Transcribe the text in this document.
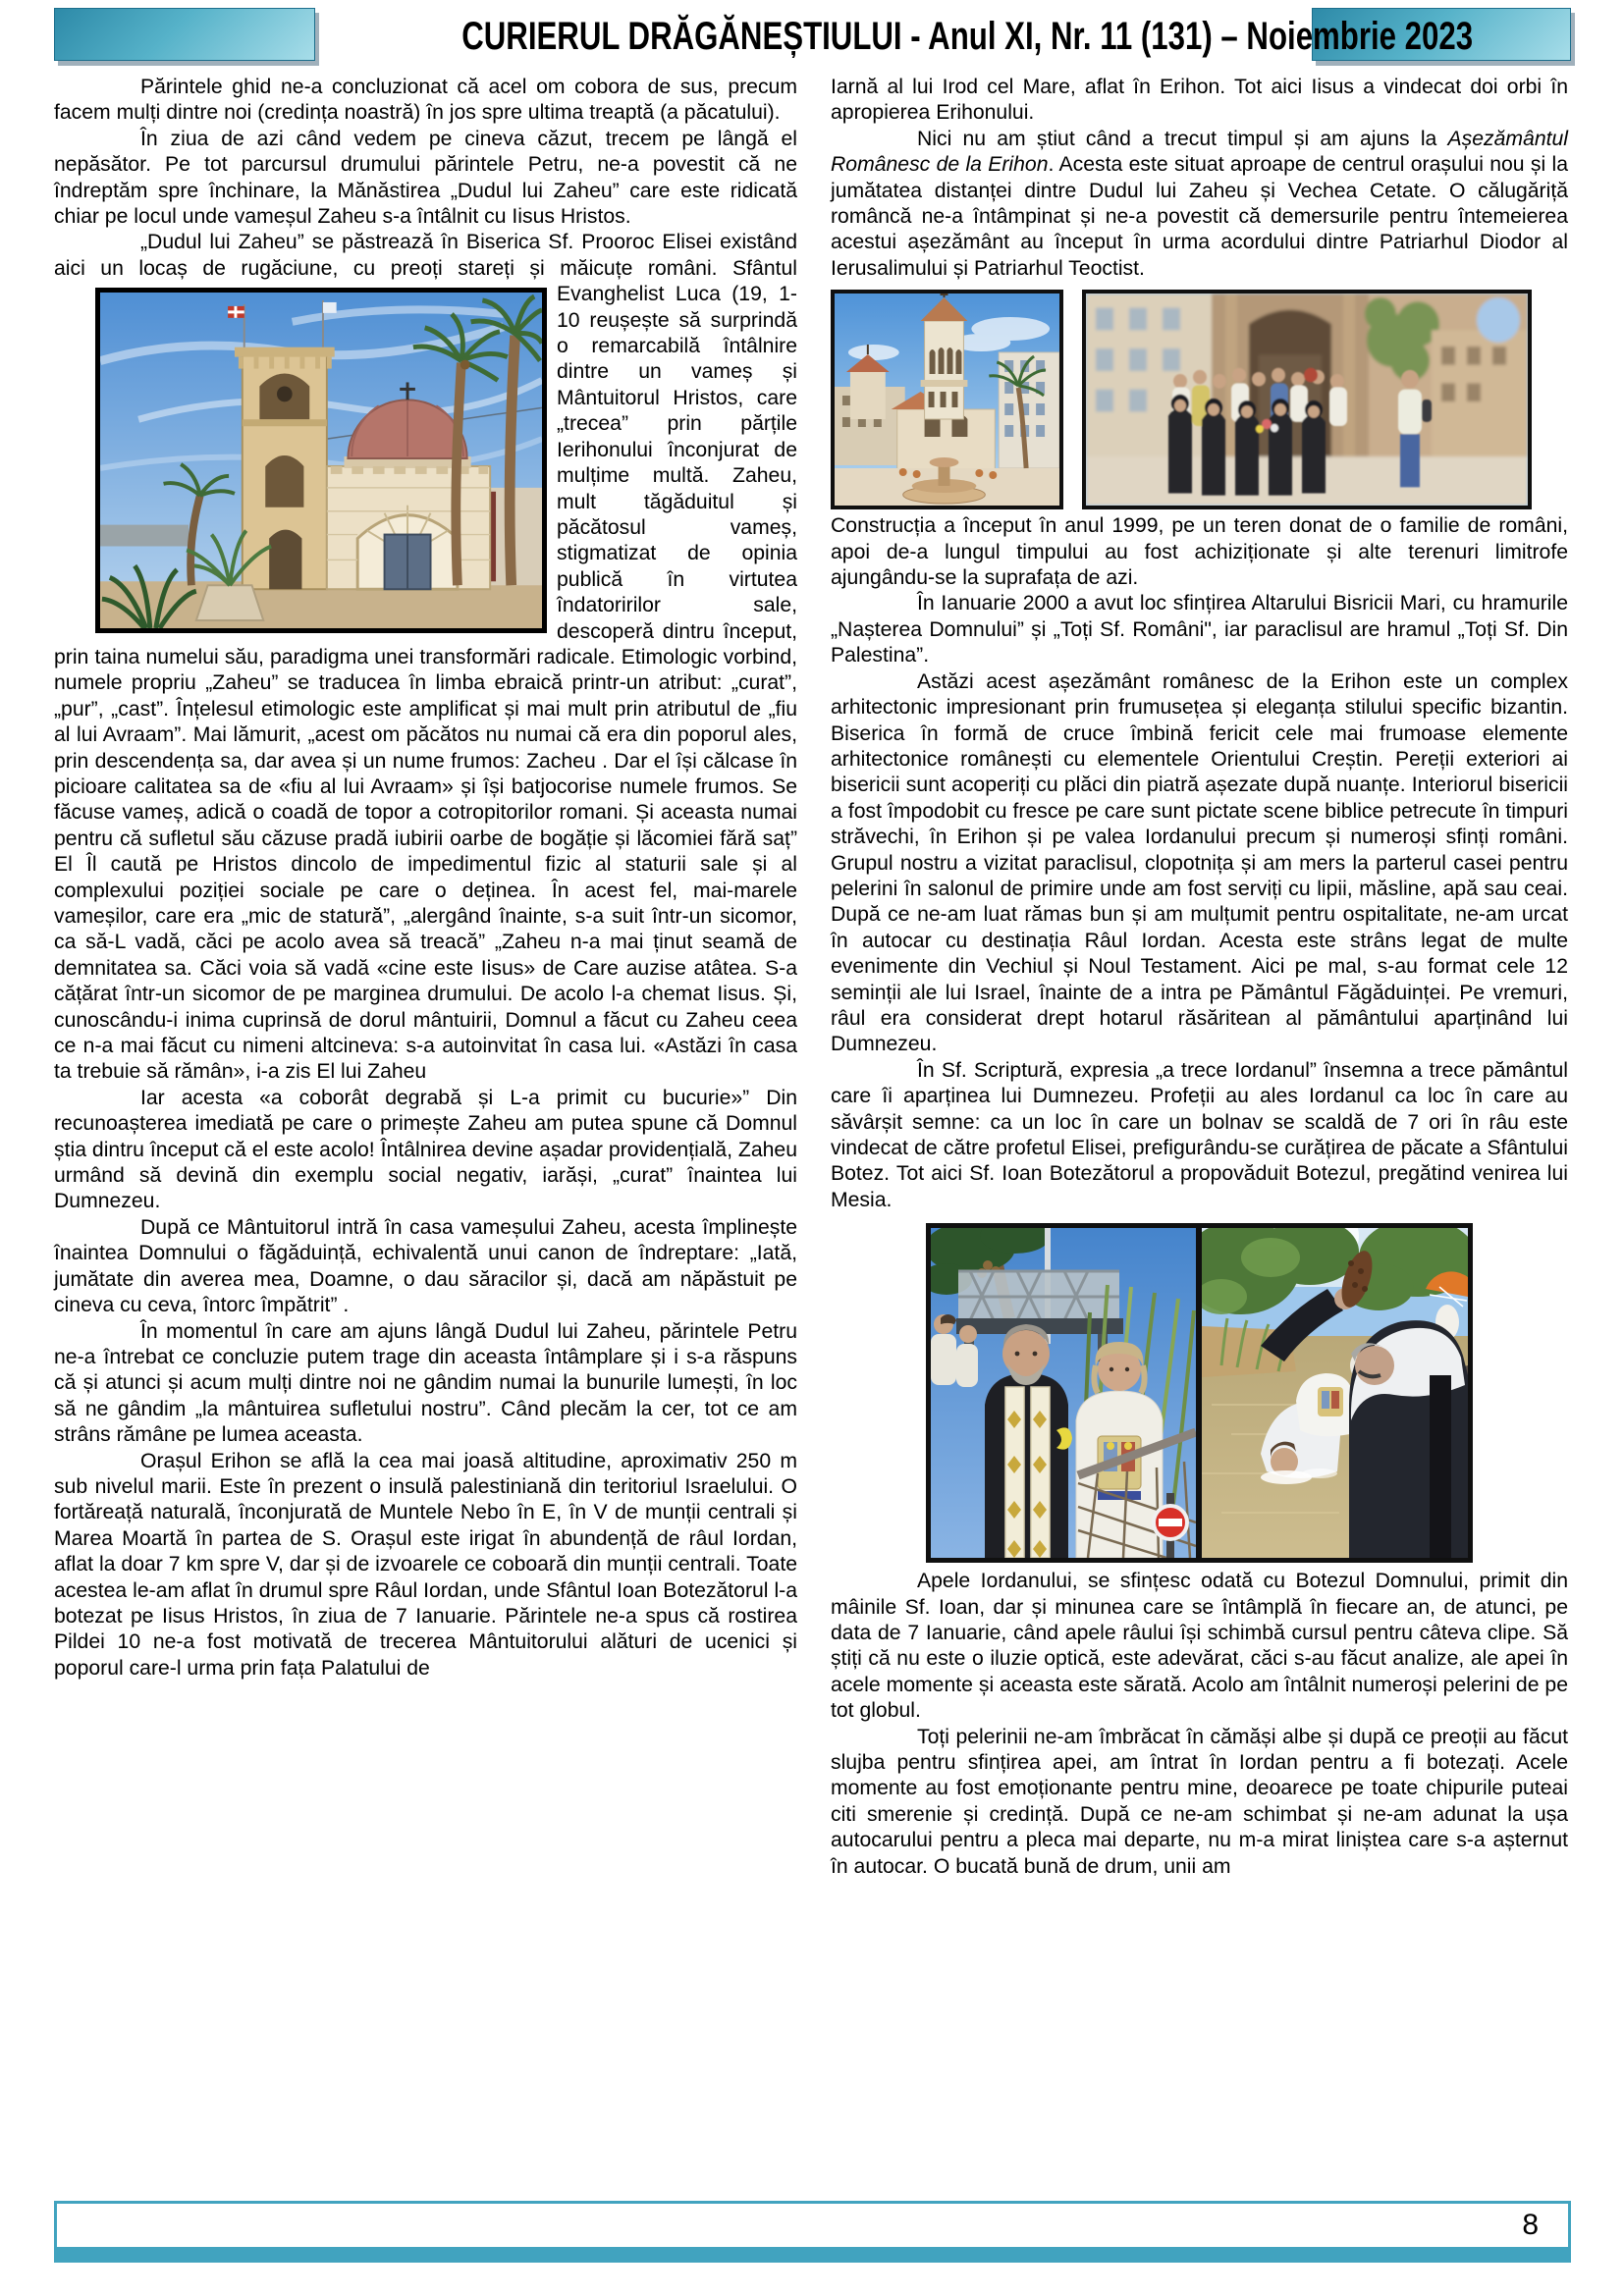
CURIERUL DRĂGĂNEȘTIULUI - Anul XI, Nr. 11 (131) – Noiembrie 2023

Părintele ghid ne-a concluzionat că acel om cobora de sus, precum facem mulți dintre noi (credința noastră) în jos spre ultima treaptă (a păcatului).

În ziua de azi când vedem pe cineva căzut, trecem pe lângă el nepăsător. Pe tot parcursul drumului părintele Petru, ne-a povestit că ne îndreptăm spre închinare, la Mănăstirea „Dudul lui Zaheu” care este ridicată chiar pe locul unde vameșul Zaheu s-a întâlnit cu Iisus Hristos.

„Dudul lui Zaheu” se păstrează în Biserica Sf. Prooroc Elisei existând aici un locaș de rugăciune, cu preoți stareți și
măicuțe români. Sfântul Evanghelist Luca (19, 1-10 reușește să surprindă o remarcabilă întâlnire dintre un vameș și Mântuitorul Hristos, care „trecea” prin părțile Ierihonului înconjurat de mulțime multă. Zaheu, mult tăgăduitul și păcătosul vameș, stigmatizat de opinia publică în virtutea îndatoririlor sale, descoperă dintru început, prin taina numelui său, paradigma unei transformări radicale. Etimologic vorbind, numele propriu „Zaheu” se traducea în limba ebraică printr-un atribut: „curat”, „pur”, „cast”. Înțelesul etimologic este amplificat și mai mult prin atributul de „fiu al lui Avraam”. Mai lămurit, „acest om păcătos nu numai că era din poporul ales, prin descendența sa, dar avea și un nume frumos: Zacheu . Dar el își călcase în picioare calitatea sa de «fiu al lui Avraam» și își batjocorise numele frumos. Se făcuse vameș, adică o coadă de topor a cotropitorilor romani. Și aceasta numai pentru că sufletul său căzuse pradă iubirii oarbe de bogăție și lăcomiei fără saț” El Îl caută pe Hristos dincolo de impedimentul fizic al staturii sale și al complexului poziției sociale pe care o deținea. În acest fel, mai-marele vameșilor, care era „mic de statură”, „alergând înainte, s-a suit într-un sicomor, ca să-L vadă, căci pe acolo avea să treacă” „Zaheu n-a mai ținut seamă de demnitatea sa. Căci voia să vadă «cine este Iisus» de Care auzise atâtea. S-a cățărat într-un sicomor de pe marginea drumului. De acolo l-a chemat Iisus. Și, cunoscându-i inima cuprinsă de dorul mântuirii, Domnul a făcut cu Zaheu ceea ce n-a mai făcut cu nimeni altcineva: s-a autoinvitat în casa lui. «Astăzi în casa ta trebuie să rămân», i-a zis El lui Zaheu

Iar acesta «a coborât degrabă și L-a primit cu bucurie»” Din recunoașterea imediată pe care o primește Zaheu am putea spune că Domnul știa dintru început că el este acolo! Întâlnirea devine așadar providențială, Zaheu urmând să devină din exemplu social negativ, iarăși, „curat” înaintea lui Dumnezeu.

După ce Mântuitorul intră în casa vameșului Zaheu, acesta împlinește înaintea Domnului o făgăduință, echivalentă unui canon de îndreptare: „Iată, jumătate din averea mea, Doamne, o dau săracilor și, dacă am năpăstuit pe cineva cu ceva, întorc împătrit” .

În momentul în care am ajuns lângă Dudul lui Zaheu, părintele Petru ne-a întrebat ce concluzie putem trage din aceasta întâmplare și i s-a răspuns că și atunci și acum mulți dintre noi ne gândim numai la bunurile lumești, în loc să ne gândim „la mântuirea sufletului nostru”. Când plecăm la cer, tot ce am strâns rămâne pe lumea aceasta.

Orașul Erihon se află la cea mai joasă altitudine, aproximativ 250 m sub nivelul marii. Este în prezent o insulă palestiniană din teritoriul Israelului. O fortăreață naturală, înconjurată de Muntele Nebo în E, în V de munții centrali și Marea Moartă în partea de S. Orașul este irigat în abundență de râul Iordan, aflat la doar 7 km spre V, dar și de izvoarele ce coboară din munții centrali. Toate acestea le-am aflat în drumul spre Râul Iordan, unde Sfântul Ioan Botezătorul l-a botezat pe Iisus Hristos, în ziua de 7 Ianuarie. Părintele ne-a spus că rostirea Pildei 10 ne-a fost motivată de trecerea Mântuitorului alături de ucenici și poporul care-l urma prin fața Palatului de

Iarnă al lui Irod cel Mare, aflat în Erihon. Tot aici Iisus a vindecat doi orbi în apropierea Erihonului.

Nici nu am știut când a trecut timpul și am ajuns la Așezământul Românesc de la Erihon. Acesta este situat aproape de centrul orașului nou și la jumătatea distanței dintre Dudul lui Zaheu și Vechea Cetate. O călugăriță româncă ne-a întâmpinat și ne-a povestit că demersurile pentru întemeierea acestui așezământ au început în urma acordului dintre Patriarhul Diodor al Ierusalimului și Patriarhul Teoctist.

Construcția a început în anul 1999, pe un teren donat de o familie de români, apoi de-a lungul timpului au fost achiziționate și alte terenuri limitrofe ajungându-se la suprafața de azi.

În Ianuarie 2000 a avut loc sfințirea Altarului Bisricii Mari, cu hramurile „Nașterea Domnului” și „Toți Sf. Români", iar paraclisul are hramul „Toți Sf. Din Palestina”.

Astăzi acest așezământ românesc de la Erihon este un complex arhitectonic impresionant prin frumusețea și eleganța stilului specific bizantin. Biserica în formă de cruce îmbină fericit cele mai frumoase elemente arhitectonice românești cu elementele Orientului Creștin. Pereții exteriori ai bisericii sunt acoperiți cu plăci din piatră așezate după nuanțe. Interiorul bisericii a fost împodobit cu fresce pe care sunt pictate scene biblice petrecute în timpuri străvechi, în Erihon și pe valea Iordanului precum și numeroși sfinți români. Grupul nostru a vizitat paraclisul, clopotnița și am mers la parterul casei pentru pelerini în salonul de primire unde am fost serviți cu lipii, măsline, apă sau ceai. După ce ne-am luat rămas bun și am mulțumit pentru ospitalitate, ne-am urcat în autocar cu destinația Râul Iordan. Acesta este strâns legat de multe evenimente din Vechiul și Noul Testament. Aici pe mal, s-au format cele 12 seminții ale lui Israel, înainte de a intra pe Pământul Făgăduinței. Pe vremuri, râul era considerat drept hotarul răsăritean al pământului aparținând lui Dumnezeu.

În Sf. Scriptură, expresia „a trece Iordanul” însemna a trece pământul care îi aparținea lui Dumnezeu. Profeții au ales Iordanul ca loc în care au săvârșit semne: ca un loc în care un bolnav se scaldă de 7 ori în râu este vindecat de către profetul Elisei, prefigurându-se curățirea de păcate a Sfântului Botez. Tot aici Sf. Ioan Botezătorul a propovăduit Botezul, pregătind venirea lui Mesia.

Apele Iordanului, se sfințesc odată cu Botezul Domnului, primit din mâinile Sf. Ioan, dar și minunea care se întâmplă în fiecare an, de atunci, pe data de 7 Ianuarie, când apele râului își schimbă cursul pentru câteva clipe. Să știți că nu este o iluzie optică, este adevărat, căci s-au făcut analize, ale apei în acele momente și aceasta este sărată. Acolo am întâlnit numeroși pelerini de pe tot globul.

Toți pelerinii ne-am îmbrăcat în cămăși albe și după ce preoții au făcut slujba pentru sfințirea apei, am întrat în Iordan pentru a fi botezați. Acele momente au fost emoționante pentru mine, deoarece pe toate chipurile puteai citi smerenie și credință. După ce ne-am schimbat și ne-am adunat la ușa autocarului pentru a pleca mai departe, nu m-a mirat liniștea care s-a așternut în autocar. O bucată bună de drum, unii am

8
